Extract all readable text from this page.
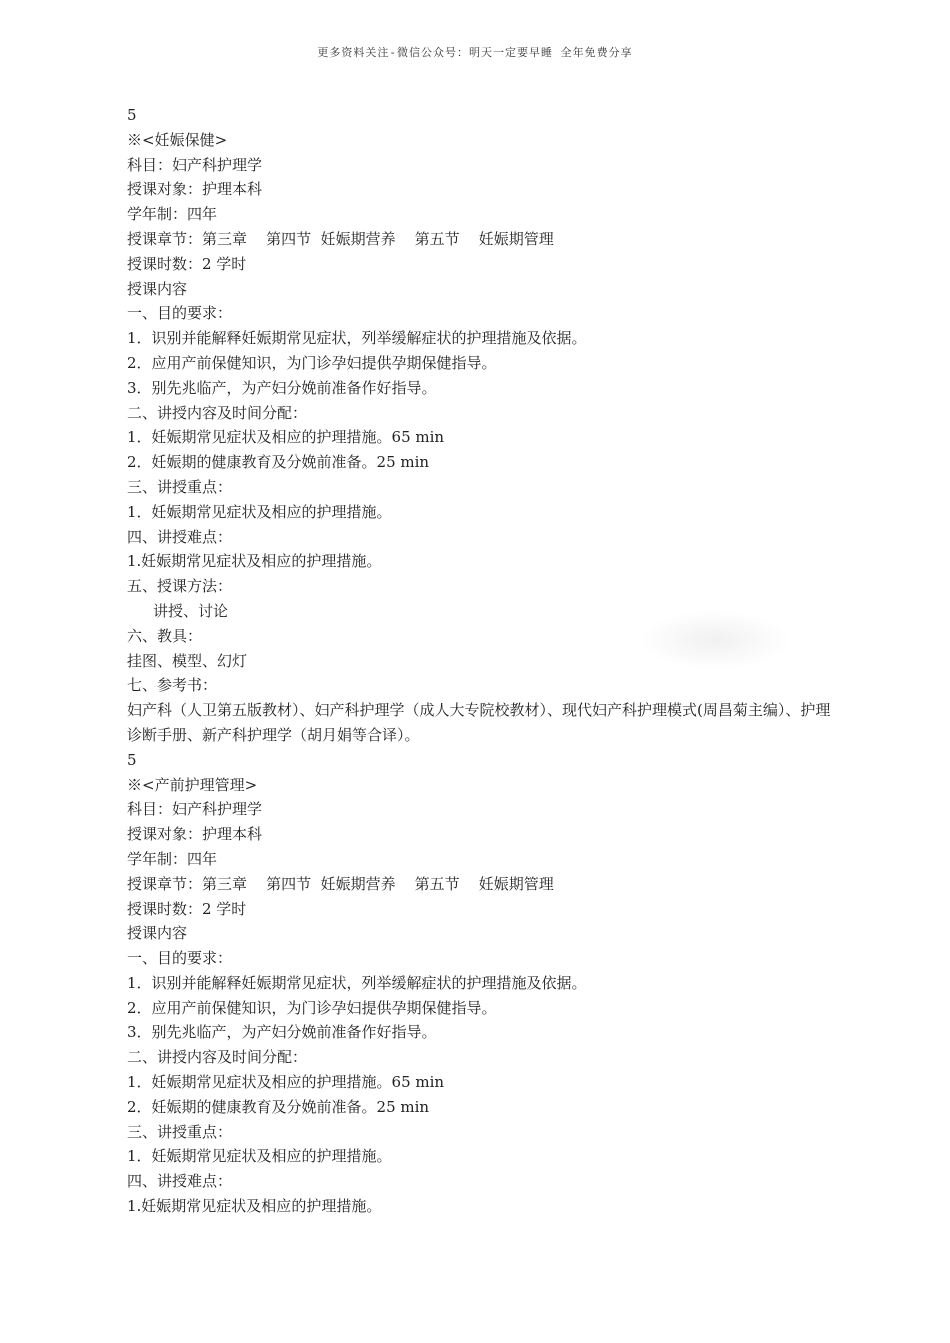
更多资料关注-微信公众号：明天一定要早睡 全年免费分享
5
※<妊娠保健>
科目：妇产科护理学
授课对象：护理本科
学年制：四年
授课章节：第三章    第四节  妊娠期营养    第五节    妊娠期管理
授课时数：2 学时
授课内容
一、目的要求：
1．识别并能解释妊娠期常见症状，列举缓解症状的护理措施及依据。
2．应用产前保健知识，为门诊孕妇提供孕期保健指导。
3．别先兆临产，为产妇分娩前准备作好指导。
二、讲授内容及时间分配：
1．妊娠期常见症状及相应的护理措施。65 min
2．妊娠期的健康教育及分娩前准备。25 min
三、讲授重点：
1．妊娠期常见症状及相应的护理措施。
四、讲授难点：
1.妊娠期常见症状及相应的护理措施。
五、授课方法：
讲授、讨论
六、教具：
挂图、模型、幻灯
七、参考书：
妇产科（人卫第五版教材）、妇产科护理学（成人大专院校教材）、现代妇产科护理模式(周昌菊主编）、护理诊断手册、新产科护理学（胡月娟等合译）。
5
※<产前护理管理>
科目：妇产科护理学
授课对象：护理本科
学年制：四年
授课章节：第三章    第四节  妊娠期营养    第五节    妊娠期管理
授课时数：2 学时
授课内容
一、目的要求：
1．识别并能解释妊娠期常见症状，列举缓解症状的护理措施及依据。
2．应用产前保健知识，为门诊孕妇提供孕期保健指导。
3．别先兆临产，为产妇分娩前准备作好指导。
二、讲授内容及时间分配：
1．妊娠期常见症状及相应的护理措施。65 min
2．妊娠期的健康教育及分娩前准备。25 min
三、讲授重点：
1．妊娠期常见症状及相应的护理措施。
四、讲授难点：
1.妊娠期常见症状及相应的护理措施。
